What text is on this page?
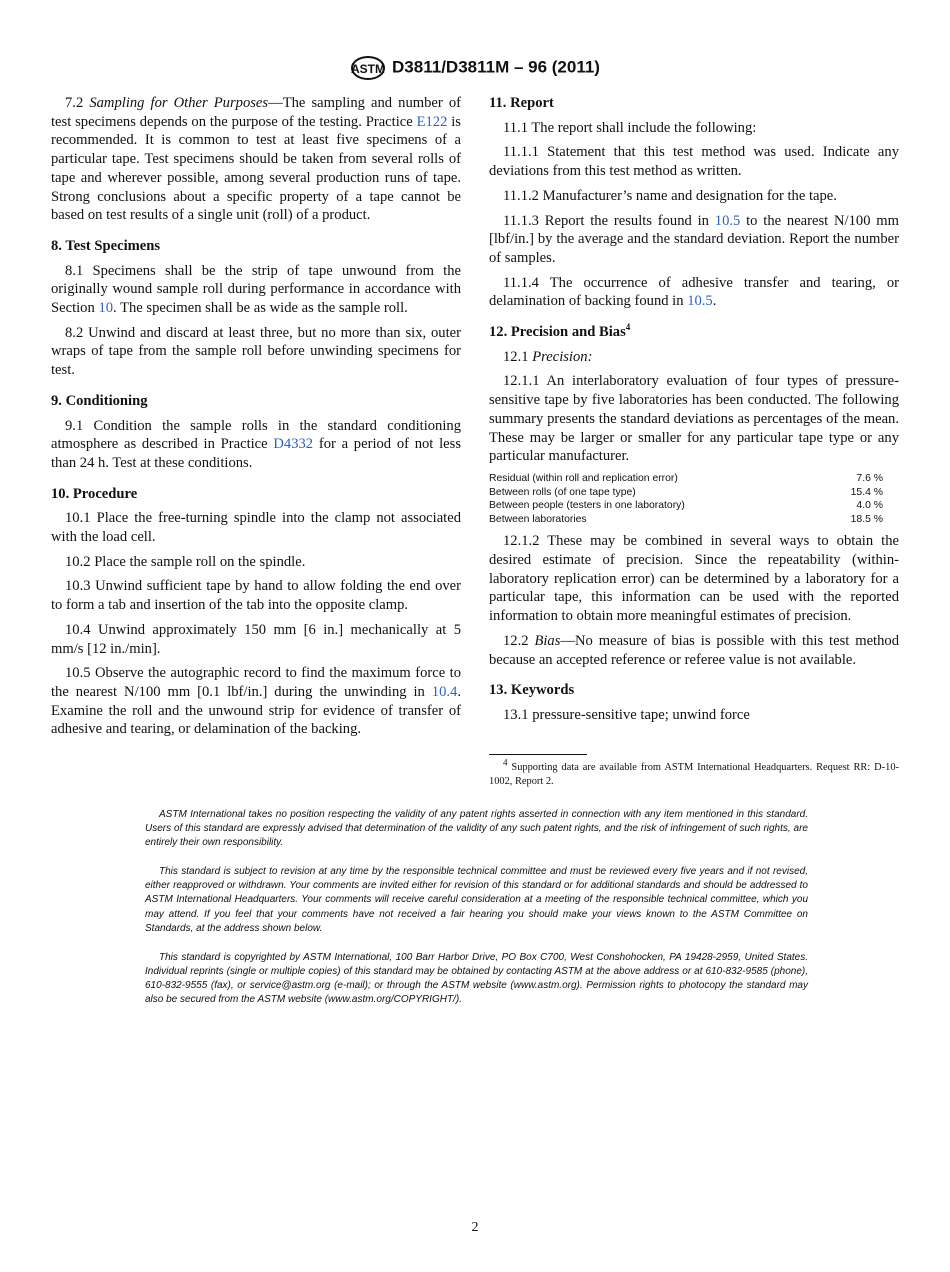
ASTM D3811/D3811M – 96 (2011)

7.2 Sampling for Other Purposes—The sampling and number of test specimens depends on the purpose of the testing. Practice E122 is recommended. It is common to test at least five specimens of a particular tape. Test specimens should be taken from several rolls of tape and wherever possible, among several production runs of tape. Strong conclusions about a specific property of a tape cannot be based on test results of a single unit (roll) of a product.

8. Test Specimens

8.1 Specimens shall be the strip of tape unwound from the originally wound sample roll during performance in accordance with Section 10. The specimen shall be as wide as the sample roll.

8.2 Unwind and discard at least three, but no more than six, outer wraps of tape from the sample roll before unwinding specimens for test.

9. Conditioning

9.1 Condition the sample rolls in the standard conditioning atmosphere as described in Practice D4332 for a period of not less than 24 h. Test at these conditions.

10. Procedure

10.1 Place the free-turning spindle into the clamp not associated with the load cell.

10.2 Place the sample roll on the spindle.

10.3 Unwind sufficient tape by hand to allow folding the end over to form a tab and insertion of the tab into the opposite clamp.

10.4 Unwind approximately 150 mm [6 in.] mechanically at 5 mm/s [12 in./min].

10.5 Observe the autographic record to find the maximum force to the nearest N/100 mm [0.1 lbf/in.] during the unwinding in 10.4. Examine the roll and the unwound strip for evidence of transfer of adhesive and tearing, or delamination of the backing.

11. Report

11.1 The report shall include the following:

11.1.1 Statement that this test method was used. Indicate any deviations from this test method as written.

11.1.2 Manufacturer’s name and designation for the tape.

11.1.3 Report the results found in 10.5 to the nearest N/100 mm [lbf/in.] by the average and the standard deviation. Report the number of samples.

11.1.4 The occurrence of adhesive transfer and tearing, or delamination of backing found in 10.5.

12. Precision and Bias$^4$

12.1 Precision:

12.1.1 An interlaboratory evaluation of four types of pressure-sensitive tape by five laboratories has been conducted. The following summary presents the standard deviations as percentages of the mean. These may be larger or smaller for any particular tape type or any particular manufacturer.

Residual (within roll and replication error)	7.6 %
Between rolls (of one tape type)	15.4 %
Between people (testers in one laboratory)	4.0 %
Between laboratories	18.5 %

12.1.2 These may be combined in several ways to obtain the desired estimate of precision. Since the repeatability (within-laboratory replication error) can be determined by a laboratory for a particular tape, this information can be used with the reported information to obtain more meaningful estimates of precision.

12.2 Bias—No measure of bias is possible with this test method because an accepted reference or referee value is not available.

13. Keywords

13.1 pressure-sensitive tape; unwind force

$^4$ Supporting data are available from ASTM International Headquarters. Request RR: D-10-1002, Report 2.

ASTM International takes no position respecting the validity of any patent rights asserted in connection with any item mentioned in this standard. Users of this standard are expressly advised that determination of the validity of any such patent rights, and the risk of infringement of such rights, are entirely their own responsibility.

This standard is subject to revision at any time by the responsible technical committee and must be reviewed every five years and if not revised, either reapproved or withdrawn. Your comments are invited either for revision of this standard or for additional standards and should be addressed to ASTM International Headquarters. Your comments will receive careful consideration at a meeting of the responsible technical committee, which you may attend. If you feel that your comments have not received a fair hearing you should make your views known to the ASTM Committee on Standards, at the address shown below.

This standard is copyrighted by ASTM International, 100 Barr Harbor Drive, PO Box C700, West Conshohocken, PA 19428-2959, United States. Individual reprints (single or multiple copies) of this standard may be obtained by contacting ASTM at the above address or at 610-832-9585 (phone), 610-832-9555 (fax), or service@astm.org (e-mail); or through the ASTM website (www.astm.org). Permission rights to photocopy the standard may also be secured from the ASTM website (www.astm.org/COPYRIGHT/).

2
